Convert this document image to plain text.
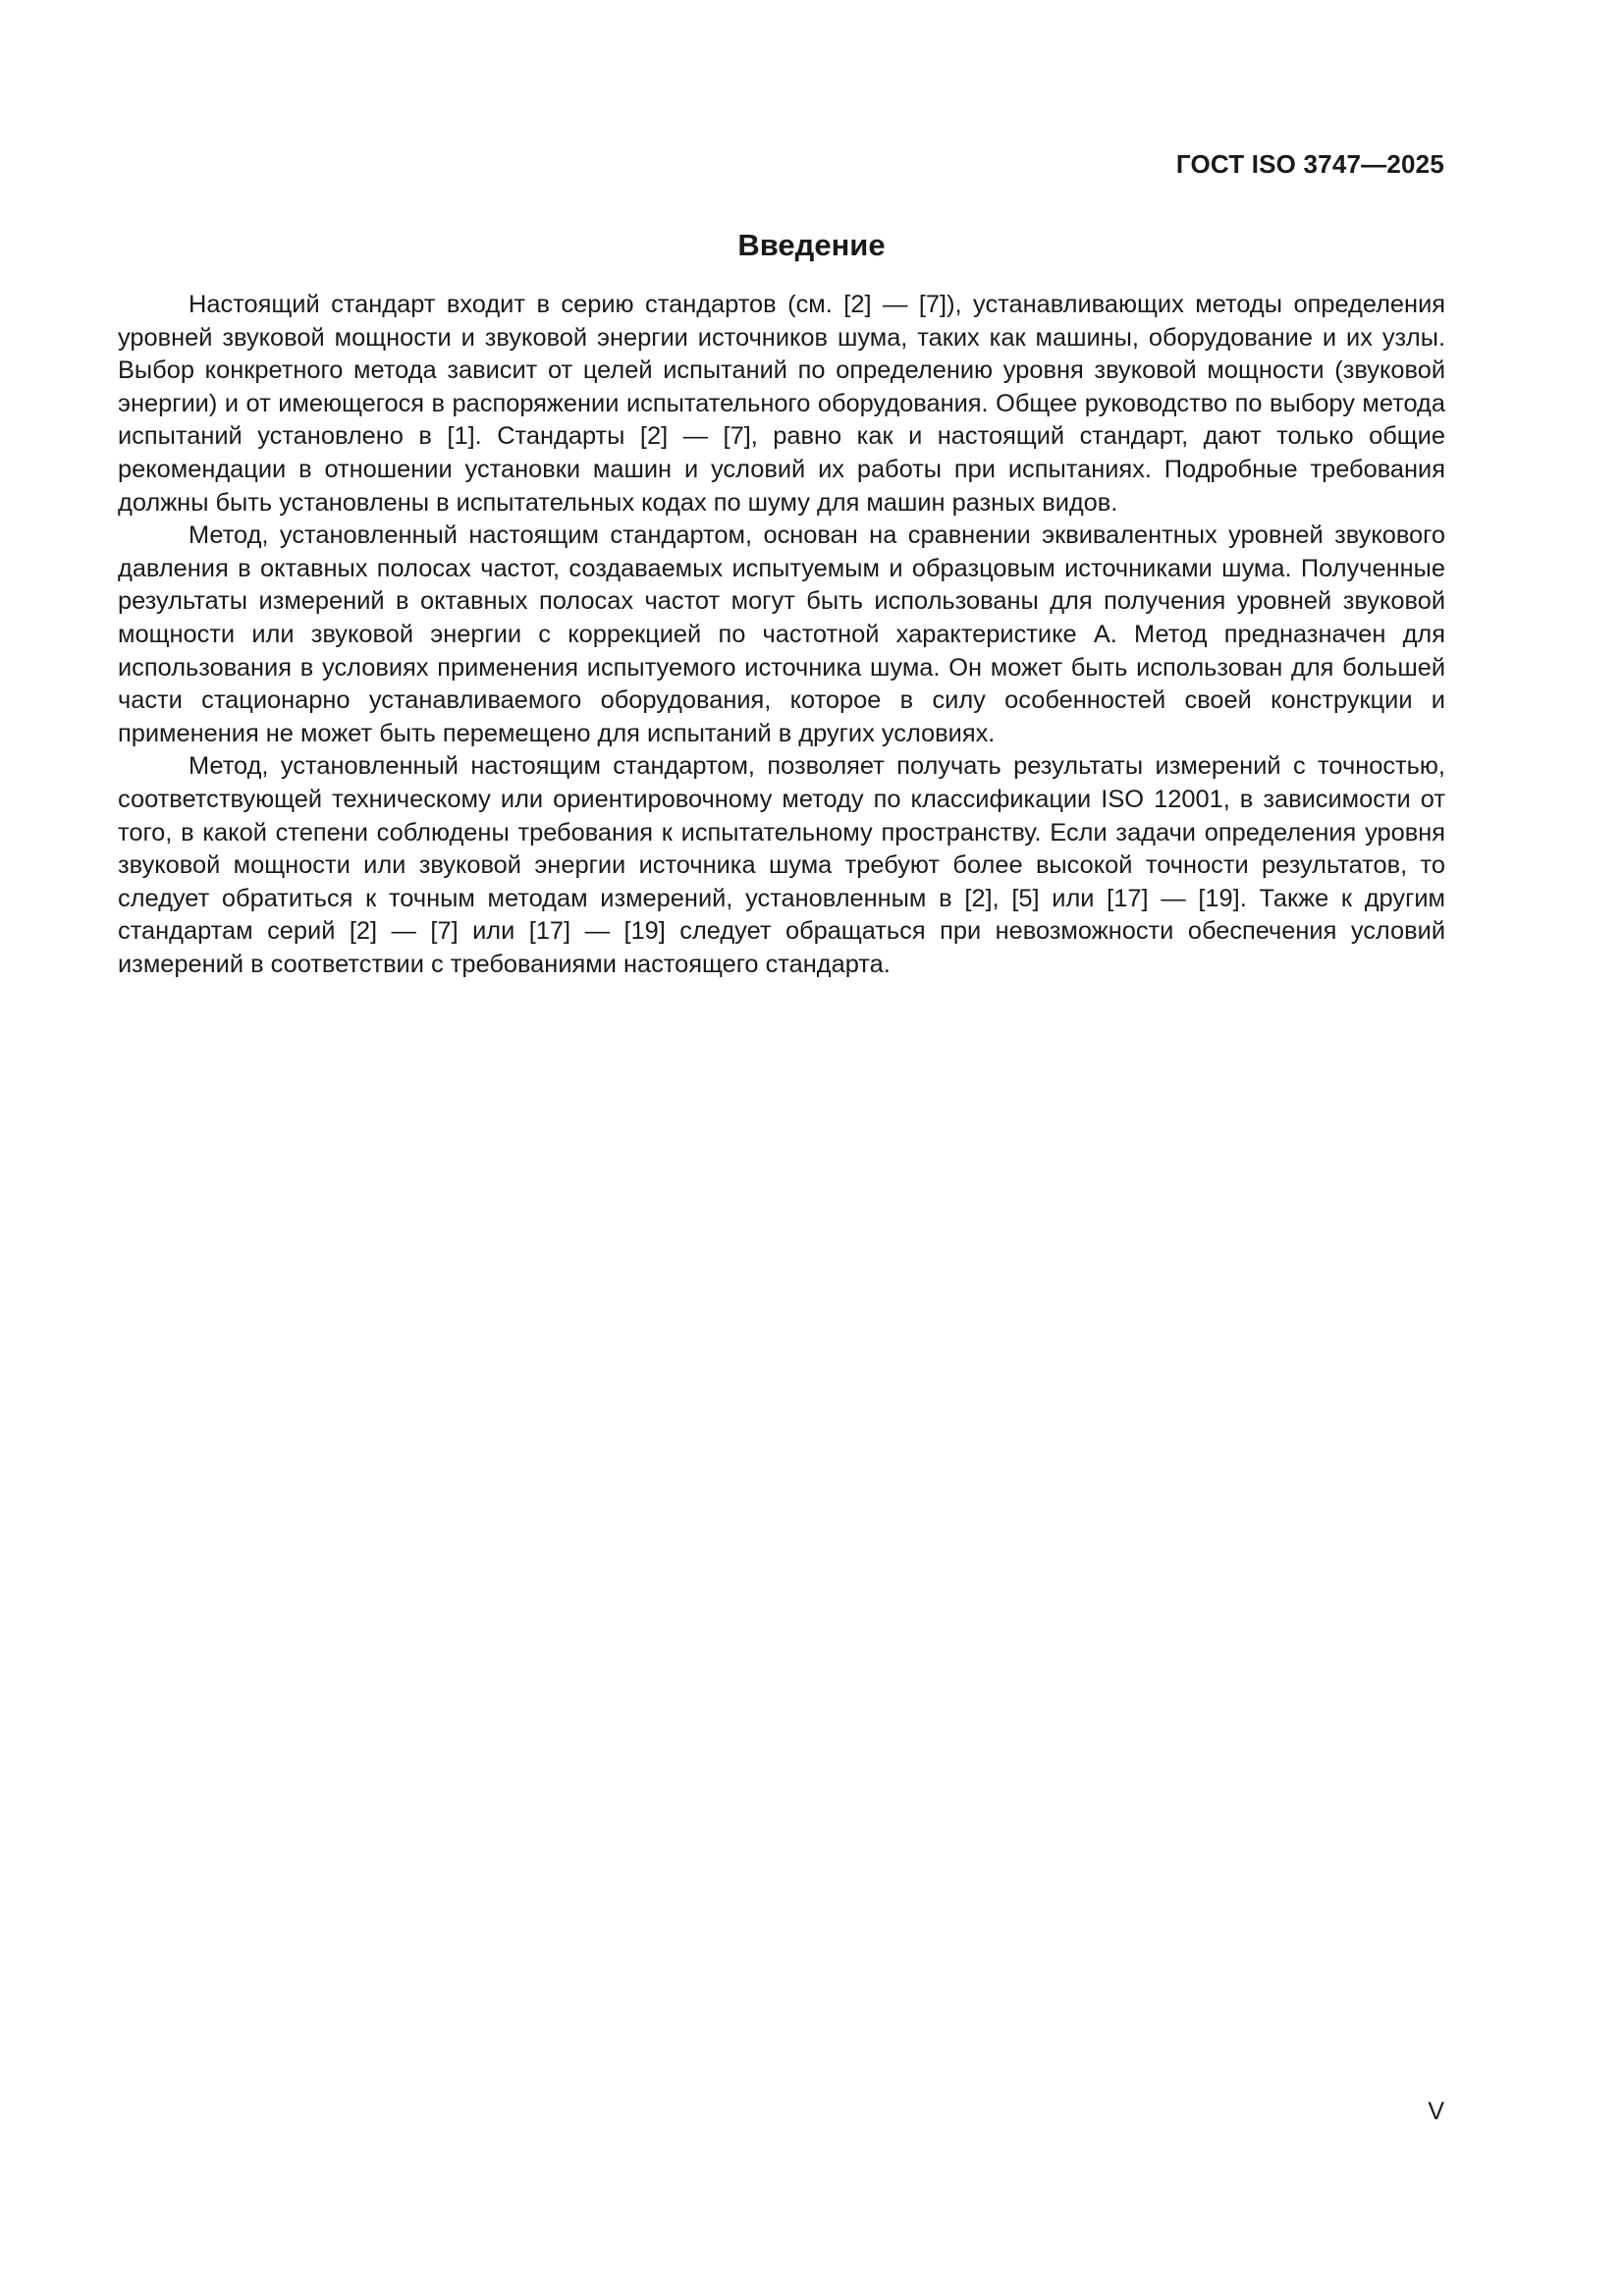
ГОСТ ISO 3747—2025
Введение

Настоящий стандарт входит в серию стандартов (см. [2] — [7]), устанавливающих методы определения уровней звуковой мощности и звуковой энергии источников шума, таких как машины, оборудование и их узлы. Выбор конкретного метода зависит от целей испытаний по определению уровня звуковой мощности (звуковой энергии) и от имеющегося в распоряжении испытательного оборудования. Общее руководство по выбору метода испытаний установлено в [1]. Стандарты [2] — [7], равно как и настоящий стандарт, дают только общие рекомендации в отношении установки машин и условий их работы при испытаниях. Подробные требования должны быть установлены в испытательных кодах по шуму для машин разных видов.

Метод, установленный настоящим стандартом, основан на сравнении эквивалентных уровней звукового давления в октавных полосах частот, создаваемых испытуемым и образцовым источниками шума. Полученные результаты измерений в октавных полосах частот могут быть использованы для получения уровней звуковой мощности или звуковой энергии с коррекцией по частотной характеристике А. Метод предназначен для использования в условиях применения испытуемого источника шума. Он может быть использован для большей части стационарно устанавливаемого оборудования, которое в силу особенностей своей конструкции и применения не может быть перемещено для испытаний в других условиях.

Метод, установленный настоящим стандартом, позволяет получать результаты измерений с точностью, соответствующей техническому или ориентировочному методу по классификации ISO 12001, в зависимости от того, в какой степени соблюдены требования к испытательному пространству. Если задачи определения уровня звуковой мощности или звуковой энергии источника шума требуют более высокой точности результатов, то следует обратиться к точным методам измерений, установленным в [2], [5] или [17] — [19]. Также к другим стандартам серий [2] — [7] или [17] — [19] следует обращаться при невозможности обеспечения условий измерений в соответствии с требованиями настоящего стандарта.

V
